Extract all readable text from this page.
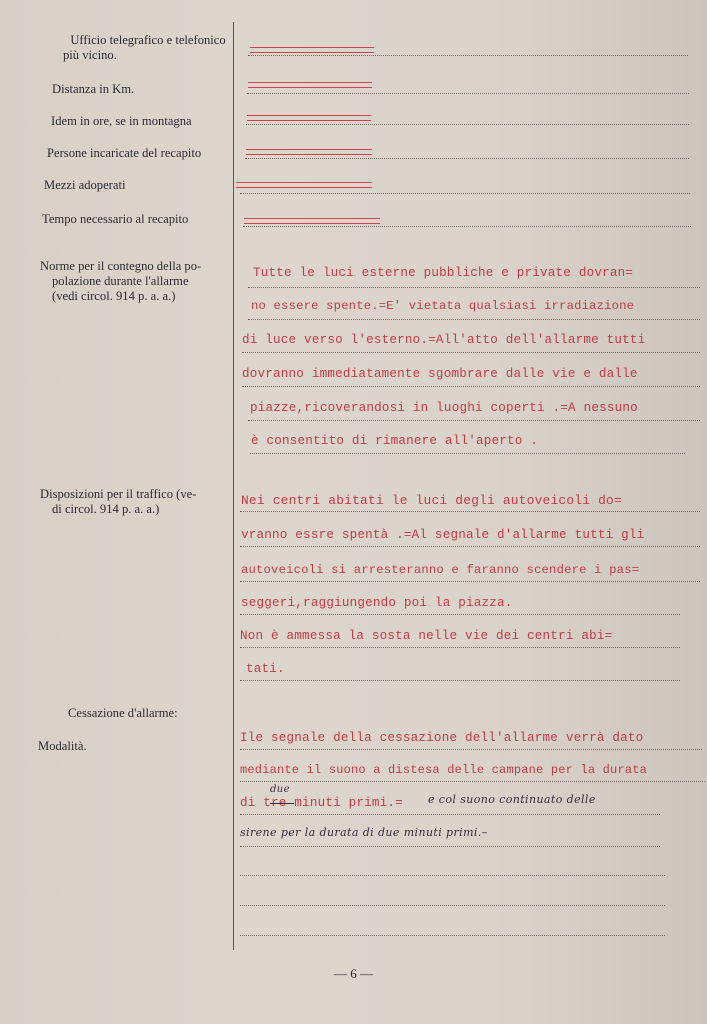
Ufficio telegrafico e telefonico
più vicino.
Distanza in Km.
Idem in ore, se in montagna
Persone incaricate del recapito
Mezzi adoperati
Tempo necessario al recapito
Norme per il contegno della po-
polazione durante l'allarme
(vedi circol. 914 p. a. a.)
Disposizioni per il traffico (ve-
di circol. 914 p. a. a.)
Cessazione d'allarme:
Modalità.
Tutte le luci esterne pubbliche e private dovran=
no essere spente.=E' vietata qualsiasi irradiazione
di luce verso l'esterno.=All'atto dell'allarme tutti
dovranno immediatamente sgombrare dalle vie e dalle
piazze,ricoverandosi in luoghi coperti .=A nessuno
è consentito di rimanere all'aperto .
Nei centri abitati le luci degli autoveicoli do=
vranno essre spentà .=Al segnale d'allarme tutti gli
autoveicoli si arresteranno e faranno scendere i pas=
seggeri,raggiungendo poi la piazza.
Non è ammessa la sosta nelle vie dei centri abi=
tati.
Ile segnale della cessazione dell'allarme verrà dato
mediante il suono a distesa delle campane per la durata
di tre minuti primi.=
due
e col suono continuato delle
sirene per la durata di due minuti primi.–
— 6 —
